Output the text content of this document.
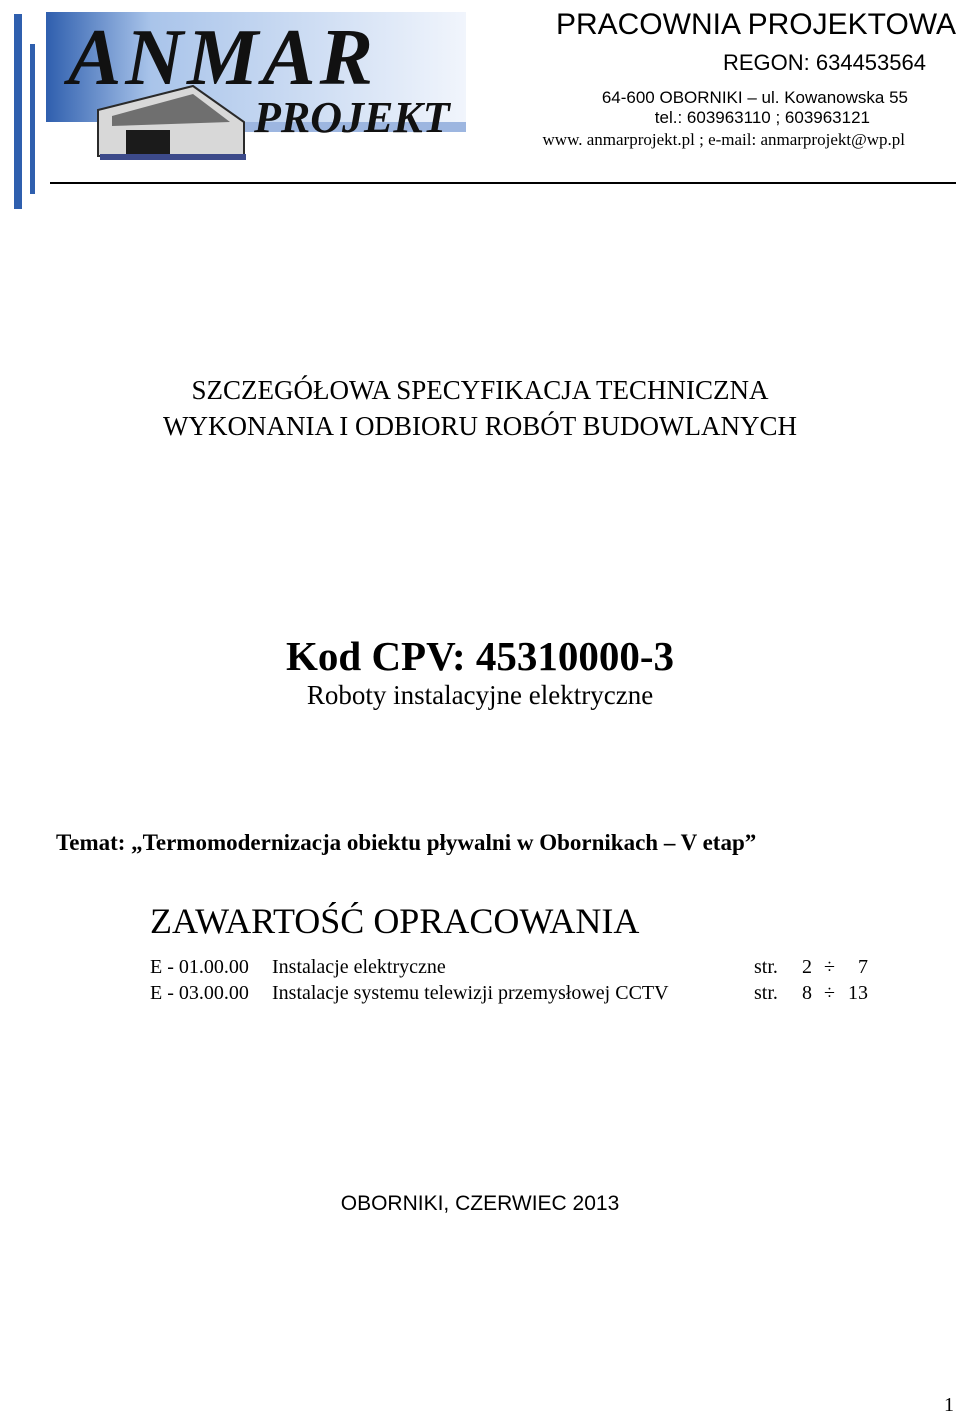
ANMAR
PROJEKT
PRACOWNIA PROJEKTOWA
REGON: 634453564
64-600 OBORNIKI – ul. Kowanowska 55
tel.: 603963110 ; 603963121
www. anmarprojekt.pl ; e-mail: anmarprojekt@wp.pl
SZCZEGÓŁOWA SPECYFIKACJA TECHNICZNA
WYKONANIA I ODBIORU ROBÓT BUDOWLANYCH
Kod CPV: 45310000-3
Roboty instalacyjne elektryczne
Temat: „Termomodernizacja obiektu pływalni w Obornikach – V etap”
ZAWARTOŚĆ OPRACOWANIA
E - 01.00.00 Instalacje elektryczne	str.	2 ÷	7
E - 03.00.00 Instalacje systemu telewizji przemysłowej CCTV	str.	8 ÷ 13
OBORNIKI, CZERWIEC 2013
1
